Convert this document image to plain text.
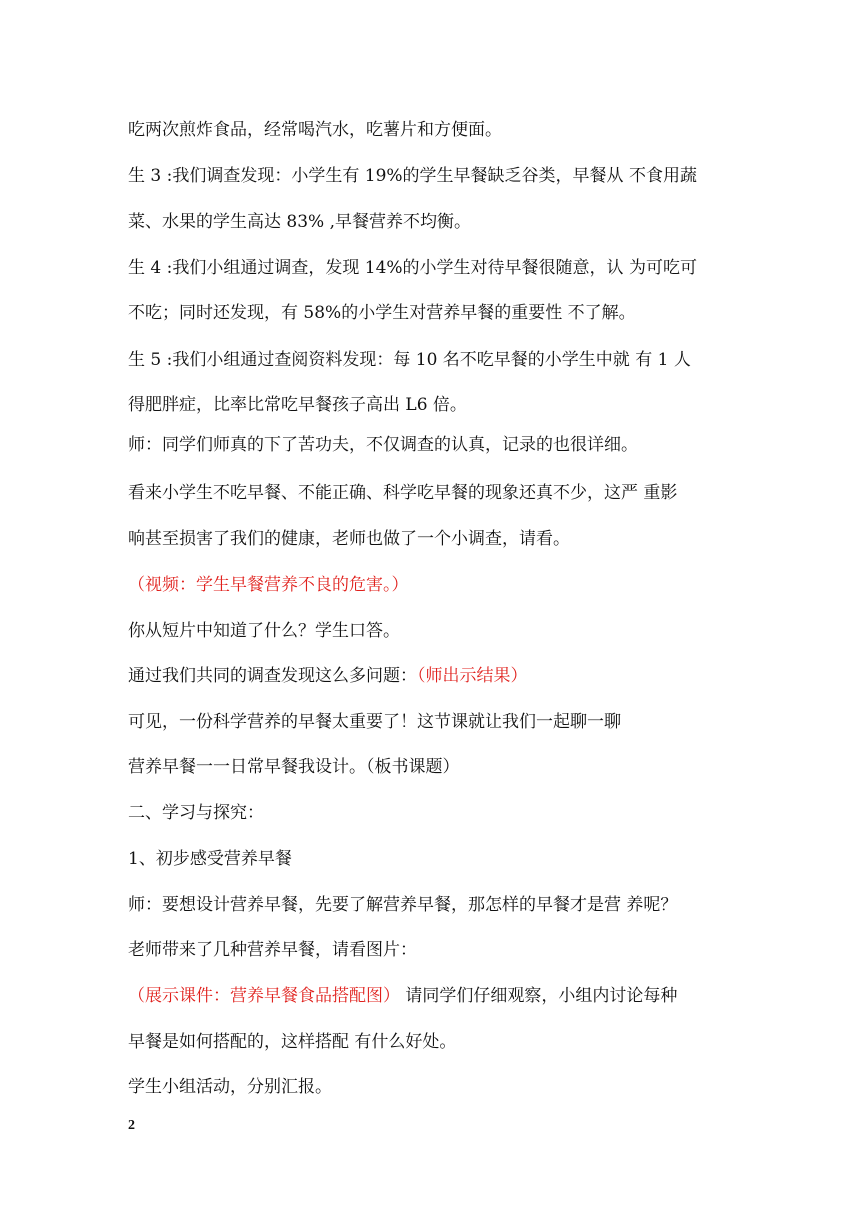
吃两次煎炸食品，经常喝汽水，吃薯片和方便面。
生 3 :我们调查发现：小学生有 19%的学生早餐缺乏谷类，早餐从 不食用蔬
菜、水果的学生高达 83% ,早餐营养不均衡。
生 4 :我们小组通过调查，发现 14%的小学生对待早餐很随意，认 为可吃可
不吃；同时还发现，有 58%的小学生对营养早餐的重要性 不了解。
生 5 :我们小组通过查阅资料发现：每 10 名不吃早餐的小学生中就 有 1 人
得肥胖症，比率比常吃早餐孩子高出 L6 倍。
师：同学们师真的下了苦功夫，不仅调查的认真，记录的也很详细。
看来小学生不吃早餐、不能正确、科学吃早餐的现象还真不少，这严 重影
响甚至损害了我们的健康，老师也做了一个小调查，请看。
（视频：学生早餐营养不良的危害。）
你从短片中知道了什么？学生口答。
通过我们共同的调查发现这么多问题：（师出示结果）
可见，一份科学营养的早餐太重要了！这节课就让我们一起聊一聊
营养早餐一一日常早餐我设计。（板书课题）
二、学习与探究：
1、初步感受营养早餐
师：要想设计营养早餐，先要了解营养早餐，那怎样的早餐才是营 养呢？
老师带来了几种营养早餐，请看图片：
（展示课件：营养早餐食品搭配图） 请同学们仔细观察，小组内讨论每种
早餐是如何搭配的，这样搭配 有什么好处。
学生小组活动，分别汇报。
2
